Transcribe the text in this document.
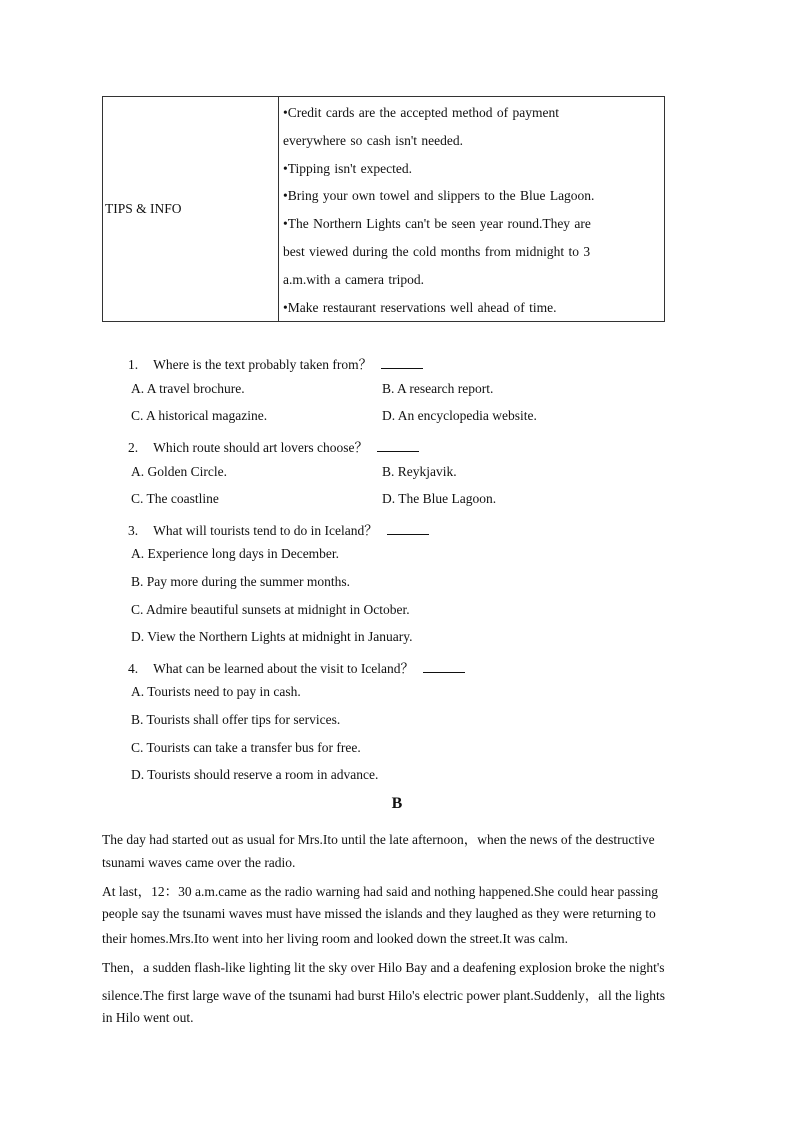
TIPS & INFO
•Credit cards are the accepted method of payment
everywhere so cash isn't needed.
•Tipping isn't expected.
•Bring your own towel and slippers to the Blue Lagoon.
•The Northern Lights can't be seen year round.They are
best viewed during the cold months from midnight to 3
a.m.with a camera tripod.
•Make restaurant reservations well ahead of time.
1. Where is the text probably taken from？
A. A travel brochure.	B. A research report.
C. A historical magazine.	D. An encyclopedia website.
2. Which route should art lovers choose？
A. Golden Circle.	B. Reykjavik.
C. The coastline	D. The Blue Lagoon.
3. What will tourists tend to do in Iceland？
A. Experience long days in December.
B. Pay more during the summer months.
C. Admire beautiful sunsets at midnight in October.
D. View the Northern Lights at midnight in January.
4. What can be learned about the visit to Iceland？
A. Tourists need to pay in cash.
B. Tourists shall offer tips for services.
C. Tourists can take a transfer bus for free.
D. Tourists should reserve a room in advance.
B
The day had started out as usual for Mrs.Ito until the late afternoon，when the news of the destructive
tsunami waves came over the radio.
At last，12：30 a.m.came as the radio warning had said and nothing happened.She could hear passing
people say the tsunami waves must have missed the islands and they laughed as they were returning to
their homes.Mrs.Ito went into her living room and looked down the street.It was calm.
Then，a sudden flash-like lighting lit the sky over Hilo Bay and a deafening explosion broke the night's
silence.The first large wave of the tsunami had burst Hilo's electric power plant.Suddenly，all the lights
in Hilo went out.
